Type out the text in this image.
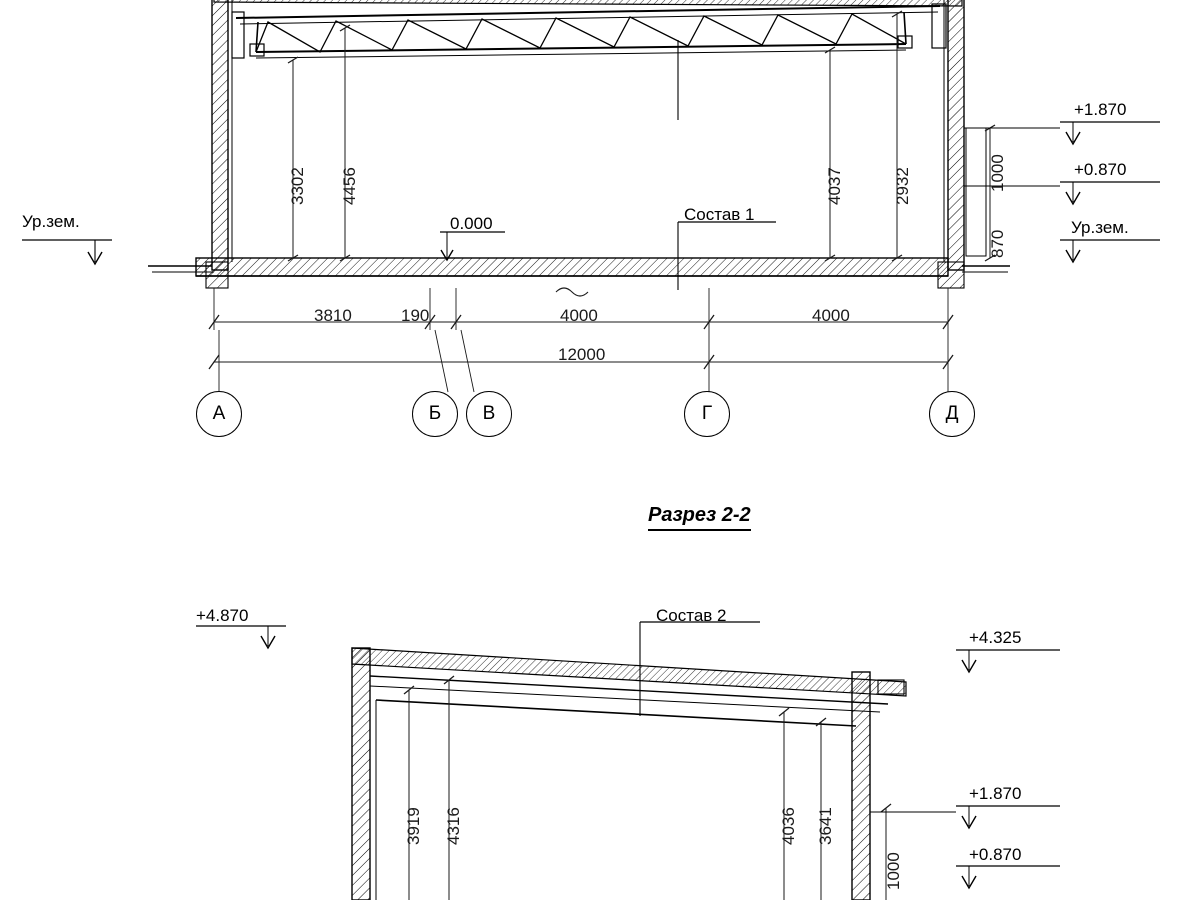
Ур.зем.
+1.870
+0.870
Ур.зем.
0.000	Состав 1
3302 4456	4037	2932	1000
870
3810	190	4000	4000
12000
А	Б В	Г	Д
Разрез 2-2
+4.870	Состав 2
+4.325
+1.870
+0.870
3919 4316	4036 3641
1000
